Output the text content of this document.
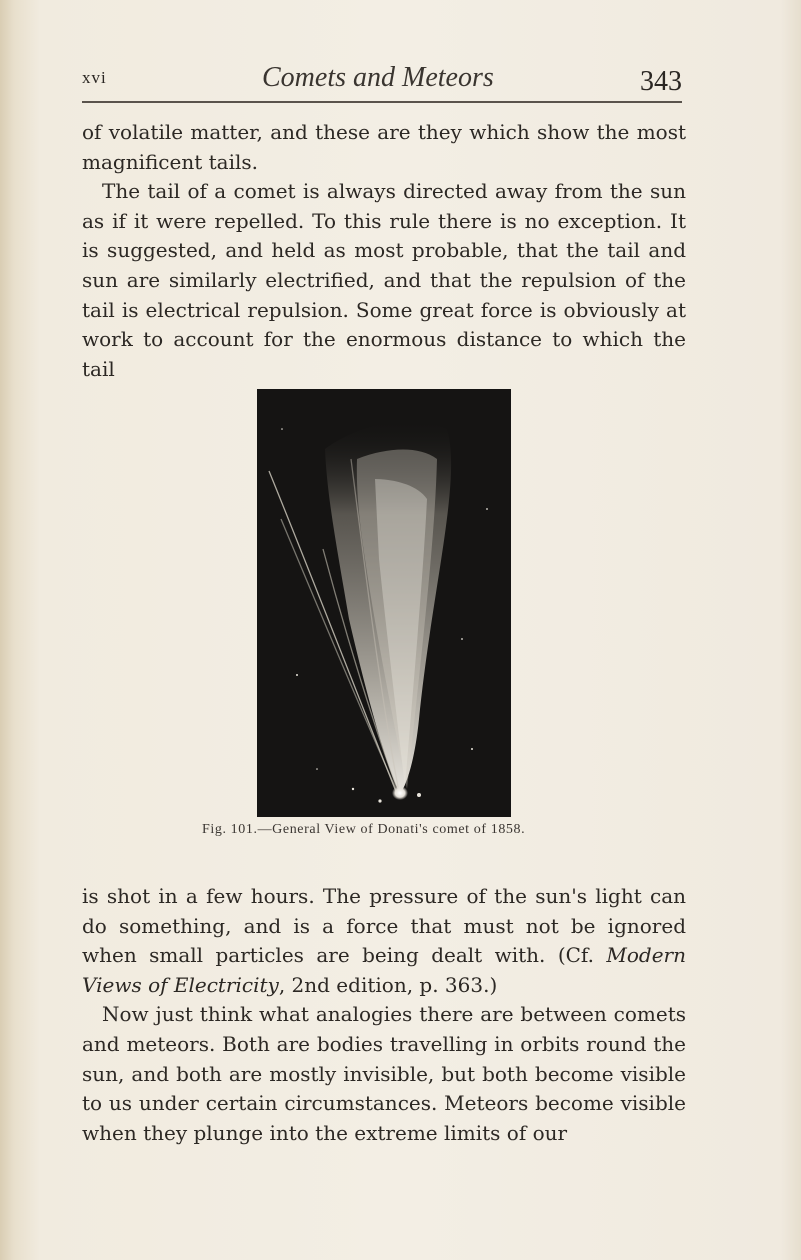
xvi	Comets and Meteors	343
of volatile matter, and these are they which show the most magnificent tails.
The tail of a comet is always directed away from the sun as if it were repelled. To this rule there is no exception. It is suggested, and held as most probable, that the tail and sun are similarly electrified, and that the repulsion of the tail is electrical repulsion. Some great force is obviously at work to account for the enormous distance to which the tail
Fig. 101.—General View of Donati's comet of 1858.
is shot in a few hours. The pressure of the sun's light can do something, and is a force that must not be ignored when small particles are being dealt with. (Cf. Modern Views of Electricity, 2nd edition, p. 363.)
Now just think what analogies there are between comets and meteors. Both are bodies travelling in orbits round the sun, and both are mostly invisible, but both become visible to us under certain circumstances. Meteors become visible when they plunge into the extreme limits of our
